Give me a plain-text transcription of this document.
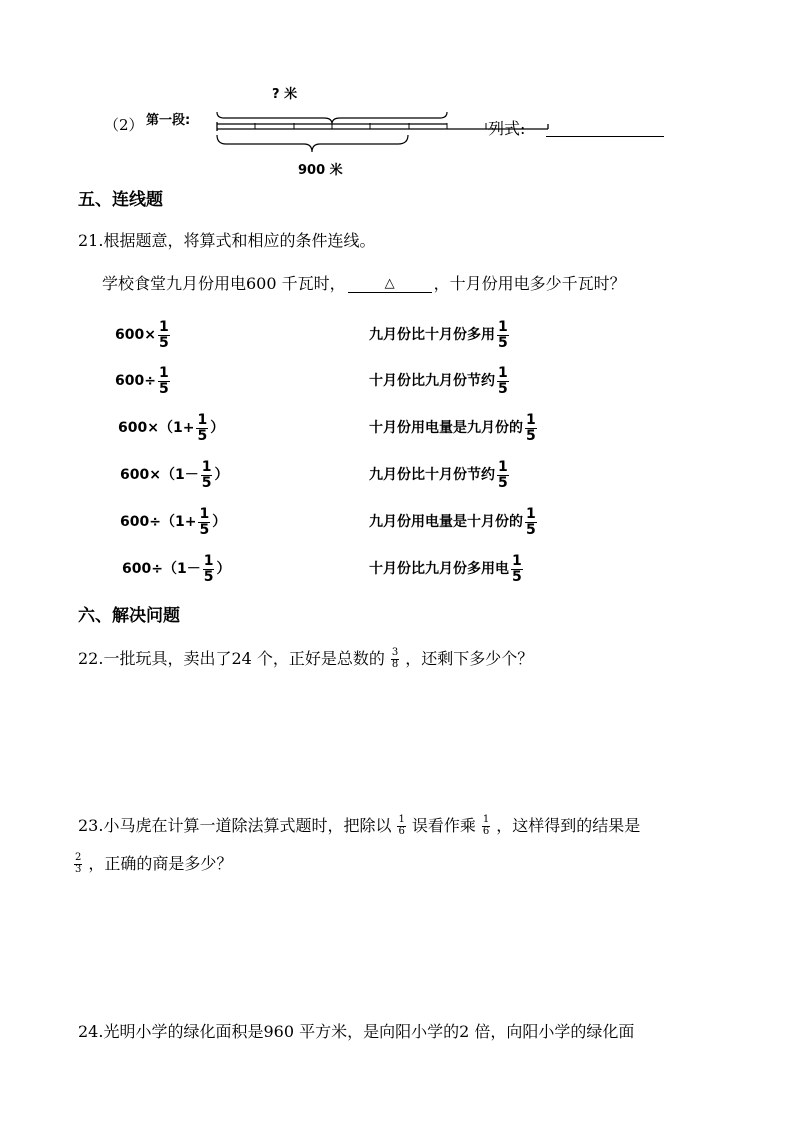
（2） 第一段:
? 米
900 米
列式:
五、连线题
21.根据题意，将算式和相应的条件连线。
学校食堂九月份用电600 千瓦时，	△	，十月份用电多少千瓦时？
$600\times \frac{1}{5}$
$600\div \frac{1}{5}$
$600\times(1+ \frac{1}{5}$ ）
$600\times(1- \frac{1}{5}$ ）
$600\div(1+ \frac{1}{5}$ ）
$600\div(1- \frac{1}{5}$ ）
九月份比十月份多用 $\frac{1}{5}$
十月份比九月份节约 $\frac{1}{5}$
十月份用电量是九月份的 $\frac{1}{5}$
九月份比十月份节约 $\frac{1}{5}$
九月份用电量是十月份的 $\frac{1}{5}$
十月份比九月份多用电 $\frac{1}{5}$
六、解决问题
22. 一批玩具，卖出了24 个，正好是总数的 $\frac{3}{8}$ ，还剩下多少个？
23. 小马虎在计算一道除法算式题时，把除以 $\frac{1}{6}$ 误看作乘 $\frac{1}{6}$ ，这样得到的结果是
$\frac{2}{3}$ ，正确的商是多少？
24.光明小学的绿化面积是960 平方米，是向阳小学的2 倍，向阳小学的绿化面
